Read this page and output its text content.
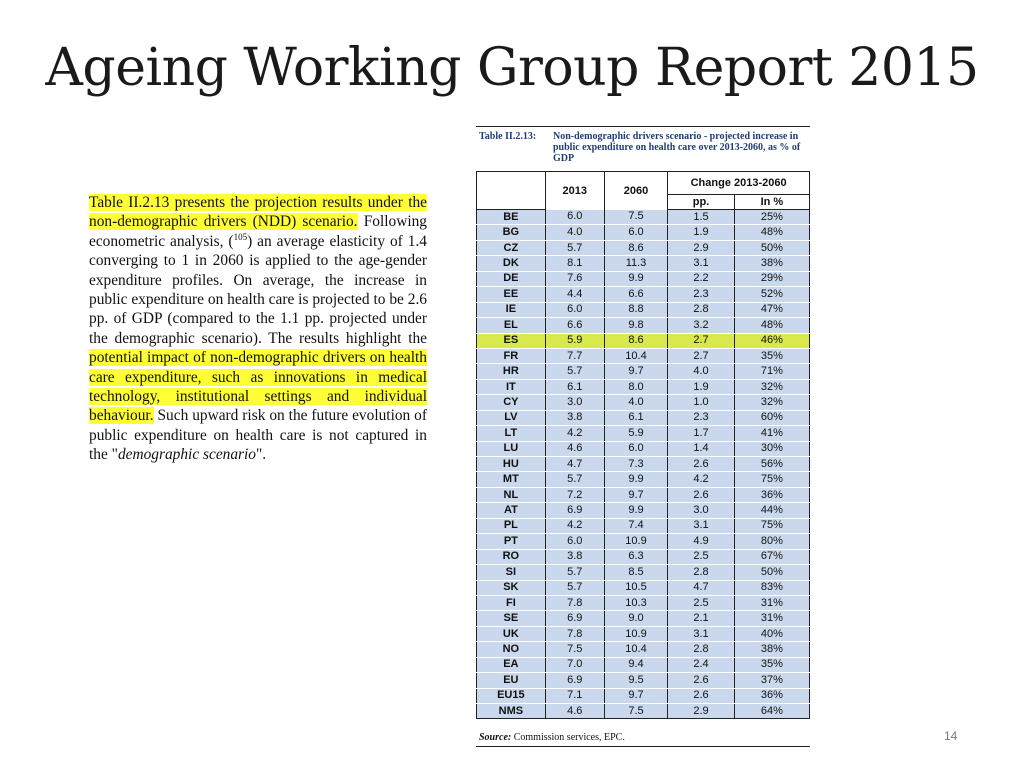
Ageing Working Group Report 2015
Table II.2.13 presents the projection results under the non-demographic drivers (NDD) scenario. Following econometric analysis, ($^{105}$) an average elasticity of 1.4 converging to 1 in 2060 is applied to the age-gender expenditure profiles. On average, the increase in public expenditure on health care is projected to be 2.6 pp. of GDP (compared to the 1.1 pp. projected under the demographic scenario). The results highlight the potential impact of non-demographic drivers on health care expenditure, such as innovations in medical technology, institutional settings and individual behaviour. Such upward risk on the future evolution of public expenditure on health care is not captured in the "demographic scenario".
Table II.2.13: Non-demographic drivers scenario - projected increase in public expenditure on health care over 2013-2060, as % of GDP
	2013	2060	Change 2013-2060	
			pp.	In %
BE	6.0	7.5	1.5	25%
BG	4.0	6.0	1.9	48%
CZ	5.7	8.6	2.9	50%
DK	8.1	11.3	3.1	38%
DE	7.6	9.9	2.2	29%
EE	4.4	6.6	2.3	52%
IE	6.0	8.8	2.8	47%
EL	6.6	9.8	3.2	48%
ES	5.9	8.6	2.7	46%
FR	7.7	10.4	2.7	35%
HR	5.7	9.7	4.0	71%
IT	6.1	8.0	1.9	32%
CY	3.0	4.0	1.0	32%
LV	3.8	6.1	2.3	60%
LT	4.2	5.9	1.7	41%
LU	4.6	6.0	1.4	30%
HU	4.7	7.3	2.6	56%
MT	5.7	9.9	4.2	75%
NL	7.2	9.7	2.6	36%
AT	6.9	9.9	3.0	44%
PL	4.2	7.4	3.1	75%
PT	6.0	10.9	4.9	80%
RO	3.8	6.3	2.5	67%
SI	5.7	8.5	2.8	50%
SK	5.7	10.5	4.7	83%
FI	7.8	10.3	2.5	31%
SE	6.9	9.0	2.1	31%
UK	7.8	10.9	3.1	40%
NO	7.5	10.4	2.8	38%
EA	7.0	9.4	2.4	35%
EU	6.9	9.5	2.6	37%
EU15	7.1	9.7	2.6	36%
NMS	4.6	7.5	2.9	64%
Source: Commission services, EPC.	14
